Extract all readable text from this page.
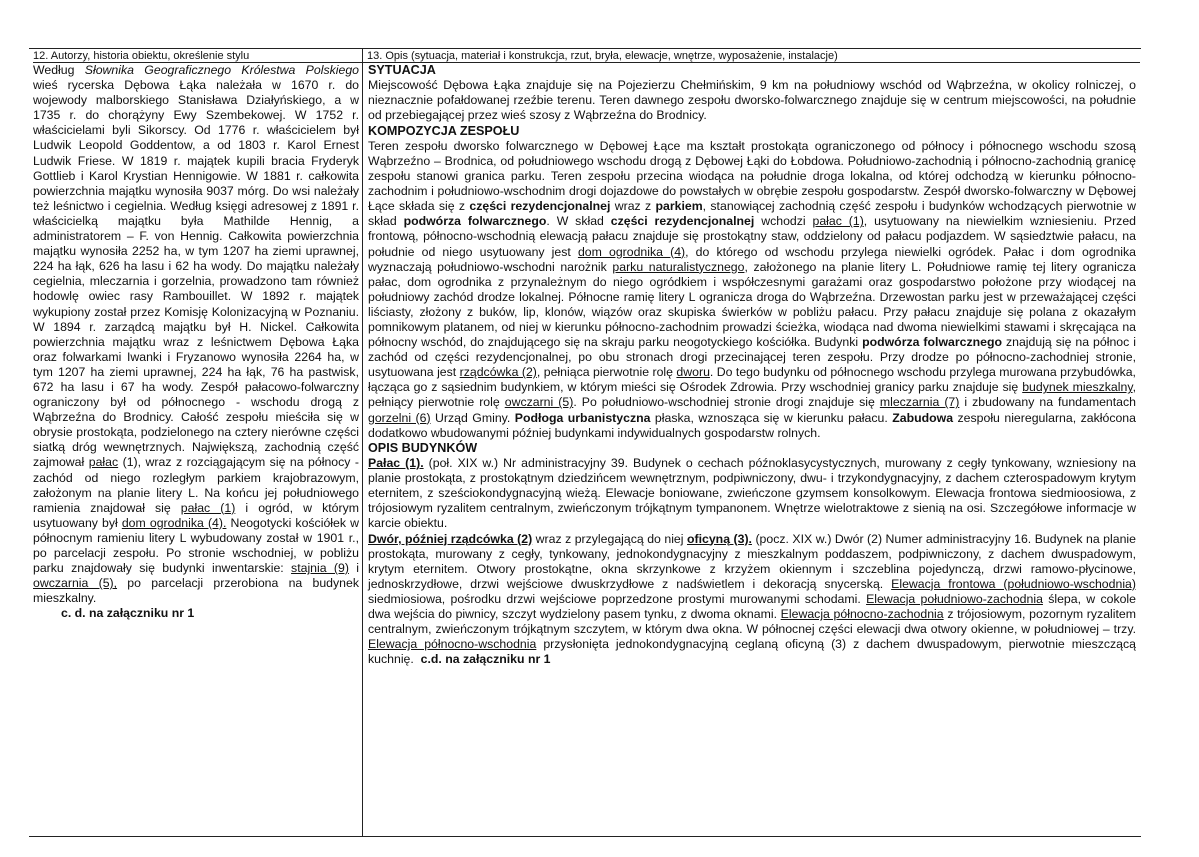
12. Autorzy, historia obiektu, określenie stylu

Według Słownika Geograficznego Królestwa Polskiego wieś rycerska Dębowa Łąka należała w 1670 r. do wojewody malborskiego Stanisława Działyńskiego, a w 1735 r. do chorążyny Ewy Szembekowej. W 1752 r. właścicielami byli Sikorscy. Od 1776 r. właścicielem był Ludwik Leopold Goddentow, a od 1803 r. Karol Ernest Ludwik Friese. W 1819 r. majątek kupili bracia Fryderyk Gottlieb i Karol Krystian Hennigowie. W 1881 r. całkowita powierzchnia majątku wynosiła 9037 mórg. Do wsi należały też leśnictwo i cegielnia. Według księgi adresowej z 1891 r. właścicielką majątku była Mathilde Hennig, a administratorem – F. von Hennig. Całkowita powierzchnia majątku wynosiła 2252 ha, w tym 1207 ha ziemi uprawnej, 224 ha łąk, 626 ha lasu i 62 ha wody. Do majątku należały cegielnia, mleczarnia i gorzelnia, prowadzono tam również hodowlę owiec rasy Rambouillet. W 1892 r. majątek wykupiony został przez Komisję Kolonizacyjną w Poznaniu. W 1894 r. zarządcą majątku był H. Nickel. Całkowita powierzchnia majątku wraz z leśnictwem Dębowa Łąka oraz folwarkami Iwanki i Fryzanowo wynosiła 2264 ha, w tym 1207 ha ziemi uprawnej, 224 ha łąk, 76 ha pastwisk, 672 ha lasu i 67 ha wody. Zespół pałacowo-folwarczny ograniczony był od północnego - wschodu drogą z Wąbrzeźna do Brodnicy. Całość zespołu mieściła się w obrysie prostokąta, podzielonego na cztery nierówne części siatką dróg wewnętrznych. Największą, zachodnią część zajmował pałac (1), wraz z rozciągającym się na północy - zachód od niego rozległym parkiem krajobrazowym, założonym na planie litery L. Na końcu jej południowego ramienia znajdował się pałac (1) i ogród, w którym usytuowany był dom ogrodnika (4). Neogotycki kościółek w północnym ramieniu litery L wybudowany został w 1901 r., po parcelacji zespołu. Po stronie wschodniej, w pobliżu parku znajdowały się budynki inwentarskie: stajnia (9) i owczarnia (5), po parcelacji przerobiona na budynek mieszkalny.

c. d. na załączniku nr 1
13. Opis (sytuacja, materiał i konstrukcja, rzut, bryła, elewacje, wnętrze, wyposażenie, instalacje)

SYTUACJA

Miejscowość Dębowa Łąka znajduje się na Pojezierzu Chełmińskim, 9 km na południowy wschód od Wąbrzeźna, w okolicy rolniczej, o nieznacznie pofałdowanej rzeźbie terenu. Teren dawnego zespołu dworsko-folwarcznego znajduje się w centrum miejscowości, na południe od przebiegającej przez wieś szosy z Wąbrzeźna do Brodnicy.

KOMPOZYCJA ZESPOŁU

Teren zespołu dworsko folwarcznego w Dębowej Łące ma kształt prostokąta ograniczonego od północy i północnego wschodu szosą Wąbrzeźno – Brodnica, od południowego wschodu drogą z Dębowej Łąki do Łobdowa. Południowo-zachodnią i północno-zachodnią granicę zespołu stanowi granica parku. Teren zespołu przecina wiodąca na południe droga lokalna, od której odchodzą w kierunku północno-zachodnim i południowo-wschodnim drogi dojazdowe do powstałych w obrębie zespołu gospodarstw. Zespół dworsko-folwarczny w Dębowej Łące składa się z części rezydencjonalnej wraz z parkiem, stanowiącej zachodnią część zespołu i budynków wchodzących pierwotnie w skład podwórza folwarcznego. W skład części rezydencjonalnej wchodzi pałac (1), usytuowany na niewielkim wzniesieniu. Przed frontową, północno-wschodnią elewacją pałacu znajduje się prostokątny staw, oddzielony od pałacu podjazdem. W sąsiedztwie pałacu, na południe od niego usytuowany jest dom ogrodnika (4), do którego od wschodu przylega niewielki ogródek. Pałac i dom ogrodnika wyznaczają południowo-wschodni narożnik parku naturalistycznego, założonego na planie litery L. Południowe ramię tej litery ogranicza pałac, dom ogrodnika z przynależnym do niego ogródkiem i współczesnymi garażami oraz gospodarstwo położone przy wiodącej na południowy zachód drodze lokalnej. Północne ramię litery L ogranicza droga do Wąbrzeźna. Drzewostan parku jest w przeważającej części liściasty, złożony z buków, lip, klonów, wiązów oraz skupiska świerków w pobliżu pałacu. Przy pałacu znajduje się polana z okazałym pomnikowym platanem, od niej w kierunku północno-zachodnim prowadzi ścieżka, wiodąca nad dwoma niewielkimi stawami i skręcająca na północny wschód, do znajdującego się na skraju parku neogotyckiego kościółka. Budynki podwórza folwarcznego znajdują się na północ i zachód od części rezydencjonalnej, po obu stronach drogi przecinającej teren zespołu. Przy drodze po północno-zachodniej stronie, usytuowana jest rządcówka (2), pełniąca pierwotnie rolę dworu. Do tego budynku od północnego wschodu przylega murowana przybudówka, łącząca go z sąsiednim budynkiem, w którym mieści się Ośrodek Zdrowia. Przy wschodniej granicy parku znajduje się budynek mieszkalny, pełniący pierwotnie rolę owczarni (5). Po południowo-wschodniej stronie drogi znajduje się mleczarnia (7) i zbudowany na fundamentach gorzelni (6) Urząd Gminy. Podłoga urbanistyczna płaska, wznosząca się w kierunku pałacu. Zabudowa zespołu nieregularna, zakłócona dodatkowo wbudowanymi później budynkami indywidualnych gospodarstw rolnych.

OPIS BUDYNKÓW

Pałac (1). (poł. XIX w.) Nr administracyjny 39. Budynek o cechach późnoklasycystycznych, murowany z cegły tynkowany, wzniesiony na planie prostokąta, z prostokątnym dziedzińcem wewnętrznym, podpiwniczony, dwu- i trzykondygnacyjny, z dachem czterospadowym krytym eternitem, z sześciokondygnacyjną wieżą. Elewacje boniowane, zwieńczone gzymsem konsolkowym. Elewacja frontowa siedmioosiowa, z trójosiowym ryzalitem centralnym, zwieńczonym trójkątnym tympanonem. Wnętrze wielotraktowe z sienią na osi. Szczegółowe informacje w karcie obiektu.

Dwór, później rządcówka (2) wraz z przylegającą do niej oficyną (3). (pocz. XIX w.) Dwór (2) Numer administracyjny 16. Budynek na planie prostokąta, murowany z cegły, tynkowany, jednokondygnacyjny z mieszkalnym poddaszem, podpiwniczony, z dachem dwuspadowym, krytym eternitem. Otwory prostokątne, okna skrzynkowe z krzyżem okiennym i szczeblina pojedynczą, drzwi ramowo-płycinowe, jednoskrzydłowe, drzwi wejściowe dwuskrzydłowe z nadświetlem i dekoracją snycerską. Elewacja frontowa (południowo-wschodnia) siedmiosiowa, pośrodku drzwi wejściowe poprzedzone prostymi murowanymi schodami. Elewacja południowo-zachodnia ślepa, w cokole dwa wejścia do piwnicy, szczyt wydzielony pasem tynku, z dwoma oknami. Elewacja północno-zachodnia z trójosiowym, pozornym ryzalitem centralnym, zwieńczonym trójkątnym szczytem, w którym dwa okna. W północnej części elewacji dwa otwory okienne, w południowej – trzy. Elewacja północno-wschodnia przysłonięta jednokondygnacyjną ceglaną oficyną (3) z dachem dwuspadowym, pierwotnie mieszczącą kuchnię. c.d. na załączniku nr 1
